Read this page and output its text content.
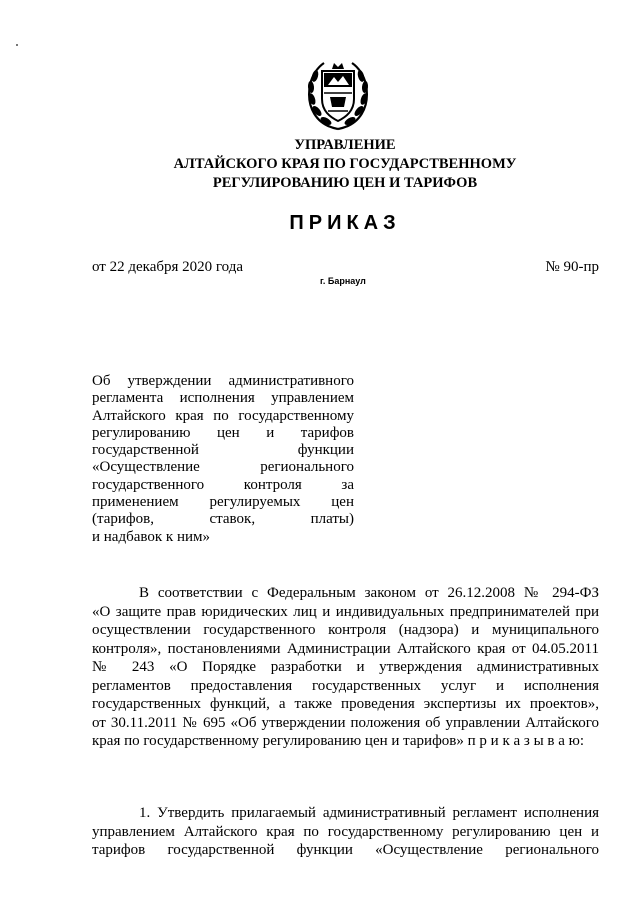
УПРАВЛЕНИЕ
АЛТАЙСКОГО КРАЯ ПО ГОСУДАРСТВЕННОМУ
РЕГУЛИРОВАНИЮ ЦЕН И ТАРИФОВ
ПРИКАЗ
от 22 декабря 2020 года	№ 90-пр
г. Барнаул
Об утверждении административного
регламента исполнения управлением
Алтайского края по государственному
регулированию цен и тарифов
государственной функции
«Осуществление регионального
государственного контроля за
применением регулируемых цен
(тарифов, ставок, платы)
и надбавок к ним»
В соответствии с Федеральным законом от 26.12.2008 № 294-ФЗ
«О защите прав юридических лиц и индивидуальных предпринимателей при
осуществлении государственного контроля (надзора) и муниципального
контроля», постановлениями Администрации Алтайского края от 04.05.2011
№ 243 «О Порядке разработки и утверждения административных
регламентов предоставления государственных услуг и исполнения
государственных функций, а также проведения экспертизы их проектов»,
от 30.11.2011 № 695 «Об утверждении положения об управлении Алтайского
края по государственному регулированию цен и тарифов» п р и к а з ы в а ю:
1. Утвердить прилагаемый административный регламент исполнения
управлением Алтайского края по государственному регулированию цен и
тарифов государственной функции «Осуществление регионального
